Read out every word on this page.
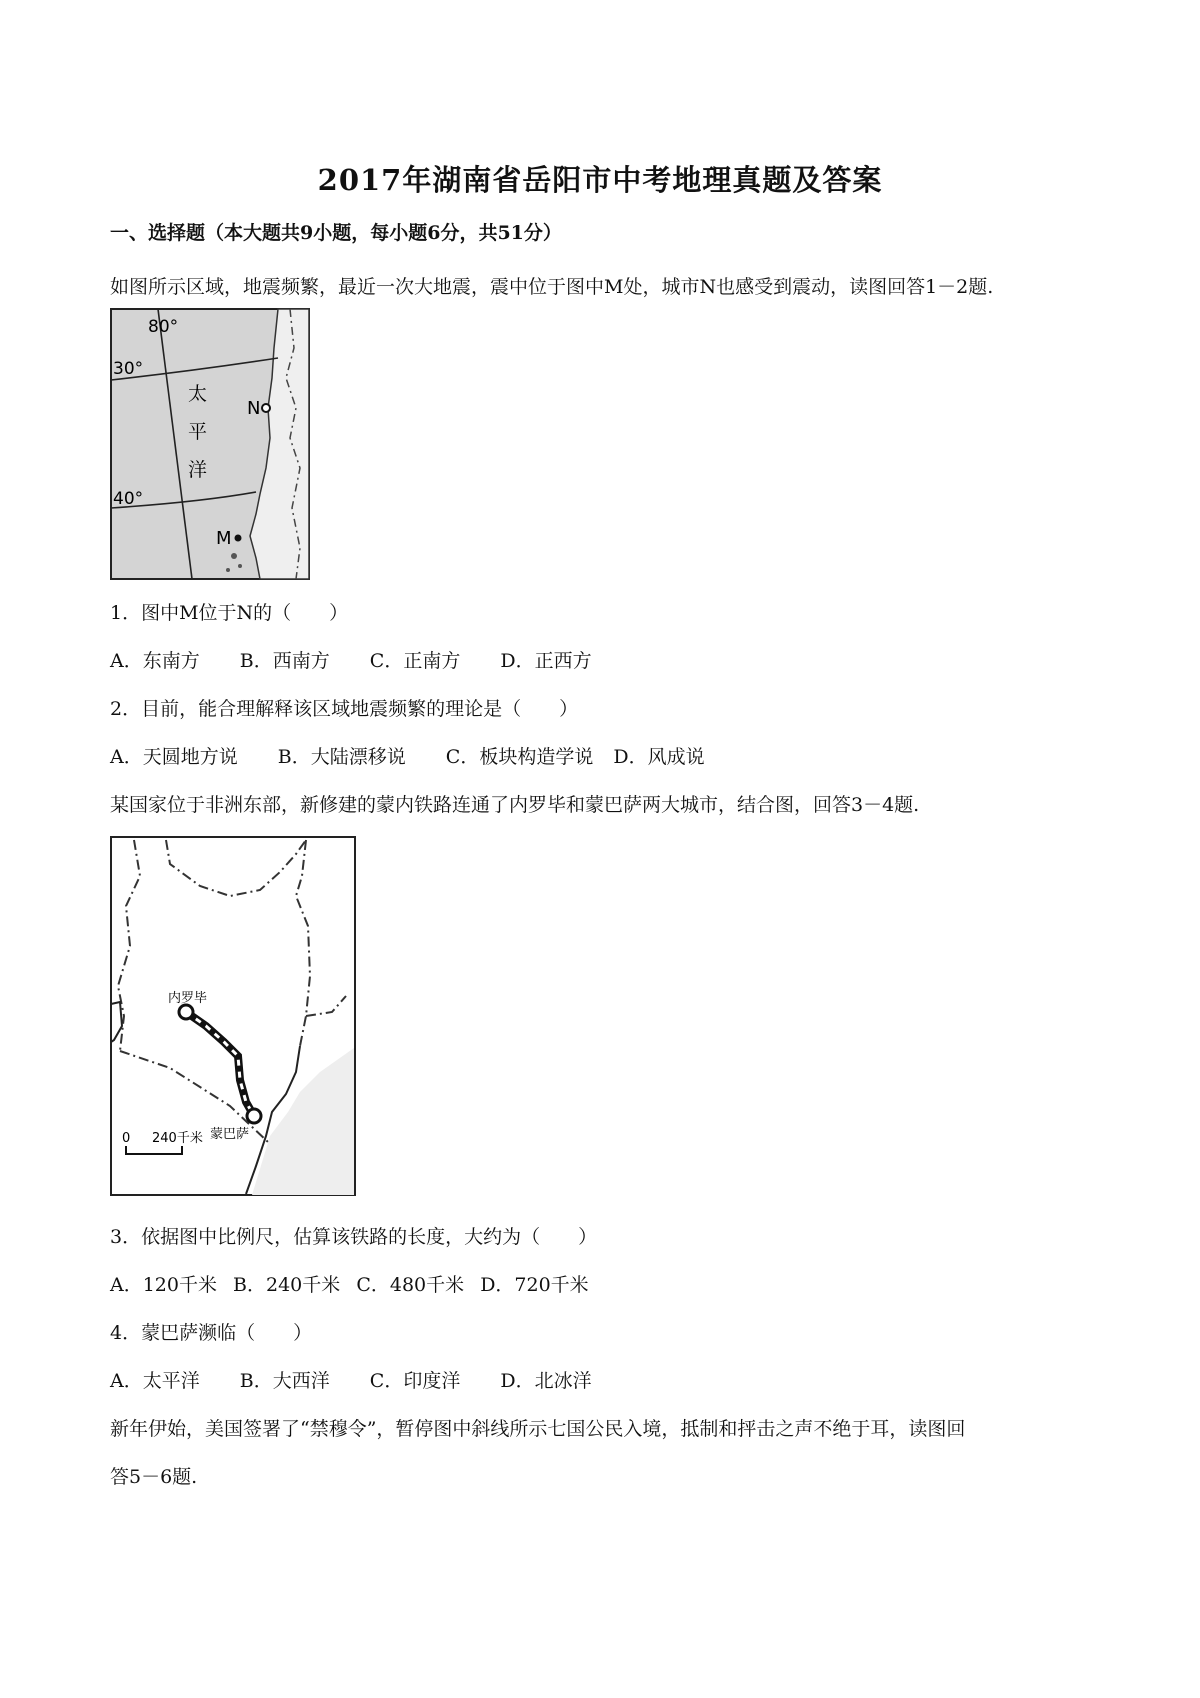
2017年湖南省岳阳市中考地理真题及答案
一、选择题（本大题共9小题，每小题6分，共51分）
如图所示区域，地震频繁，最近一次大地震，震中位于图中M处，城市N也感受到震动，读图回答1－2题.
80°
30°
40°
太
平
洋
N
M
1．图中M位于N的（　　）
A．东南方 B．西南方 C．正南方 D．正西方
2．目前，能合理解释该区域地震频繁的理论是（　　）
A．天圆地方说 B．大陆漂移说 C．板块构造学说 D．风成说
某国家位于非洲东部，新修建的蒙内铁路连通了内罗毕和蒙巴萨两大城市，结合图，回答3－4题.
内罗毕
蒙巴萨
0 240千米
3．依据图中比例尺，估算该铁路的长度，大约为（　　）
A．120千米 B．240千米 C．480千米 D．720千米
4．蒙巴萨濒临（　　）
A．太平洋 B．大西洋 C．印度洋 D．北冰洋
新年伊始，美国签署了“禁穆令”，暂停图中斜线所示七国公民入境，抵制和抨击之声不绝于耳，读图回
答5－6题.
